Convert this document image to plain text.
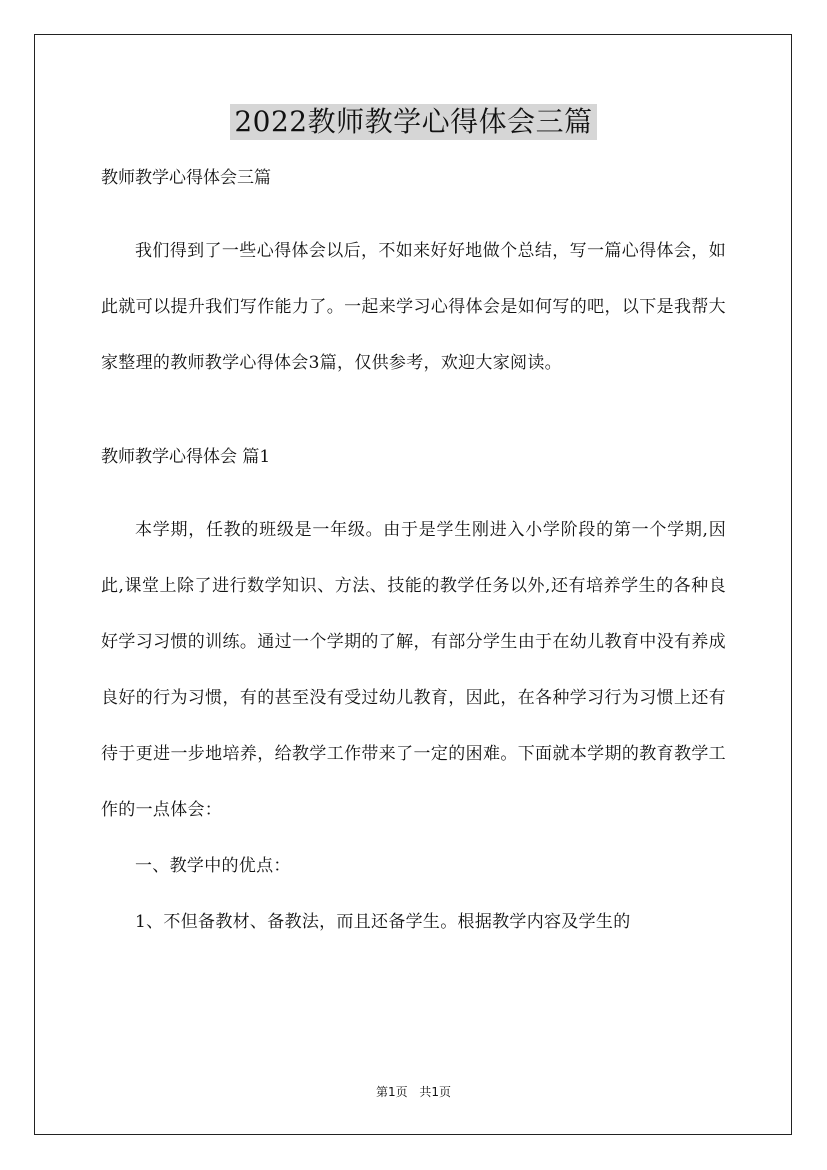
2022教师教学心得体会三篇

教师教学心得体会三篇

我们得到了一些心得体会以后，不如来好好地做个总结，写一篇心得体会，如此就可以提升我们写作能力了。一起来学习心得体会是如何写的吧，以下是我帮大家整理的教师教学心得体会3篇，仅供参考，欢迎大家阅读。

教师教学心得体会 篇1

本学期，任教的班级是一年级。由于是学生刚进入小学阶段的第一个学期,因此,课堂上除了进行数学知识、方法、技能的教学任务以外,还有培养学生的各种良好学习习惯的训练。通过一个学期的了解，有部分学生由于在幼儿教育中没有养成良好的行为习惯，有的甚至没有受过幼儿教育，因此，在各种学习行为习惯上还有待于更进一步地培养，给教学工作带来了一定的困难。下面就本学期的教育教学工作的一点体会：

一、教学中的优点：

1、不但备教材、备教法，而且还备学生。根据教学内容及学生的

第1页 共1页
